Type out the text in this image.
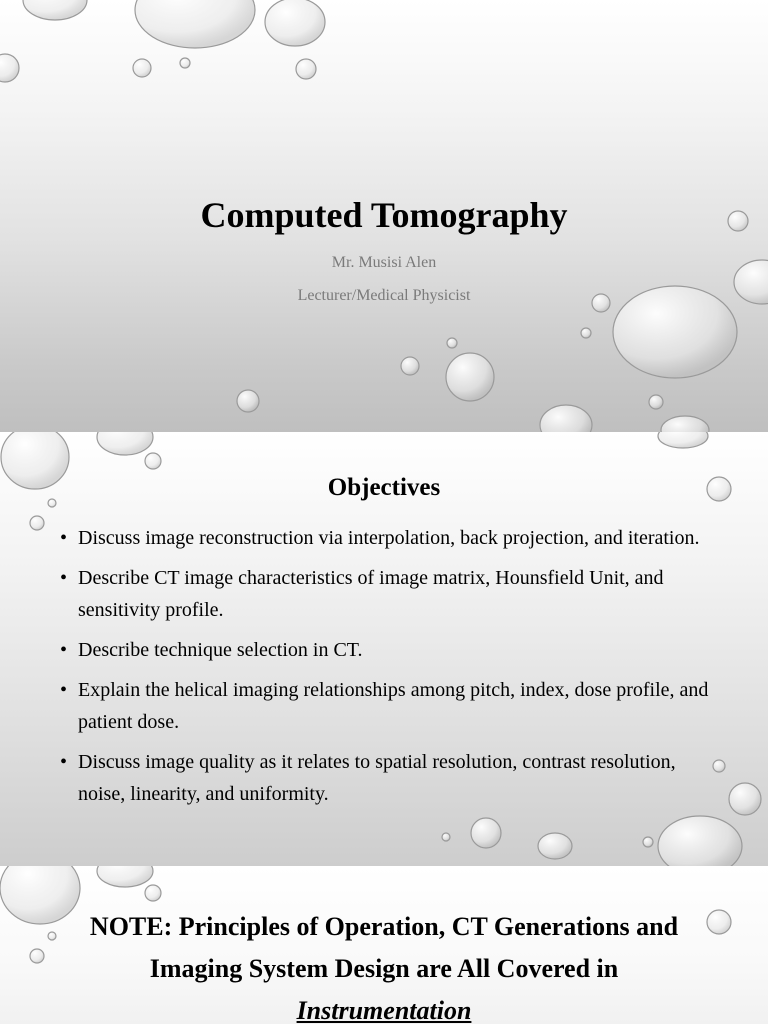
Computed Tomography

Mr. Musisi Alen

Lecturer/Medical Physicist

Objectives
• Discuss image reconstruction via interpolation, back projection, and iteration.
• Describe CT image characteristics of image matrix, Hounsfield Unit, and sensitivity profile.
• Describe technique selection in CT.
• Explain the helical imaging relationships among pitch, index, dose profile, and patient dose.
• Discuss image quality as it relates to spatial resolution, contrast resolution, noise, linearity, and uniformity.

NOTE: Principles of Operation, CT Generations and Imaging System Design are All Covered in
Instrumentation
